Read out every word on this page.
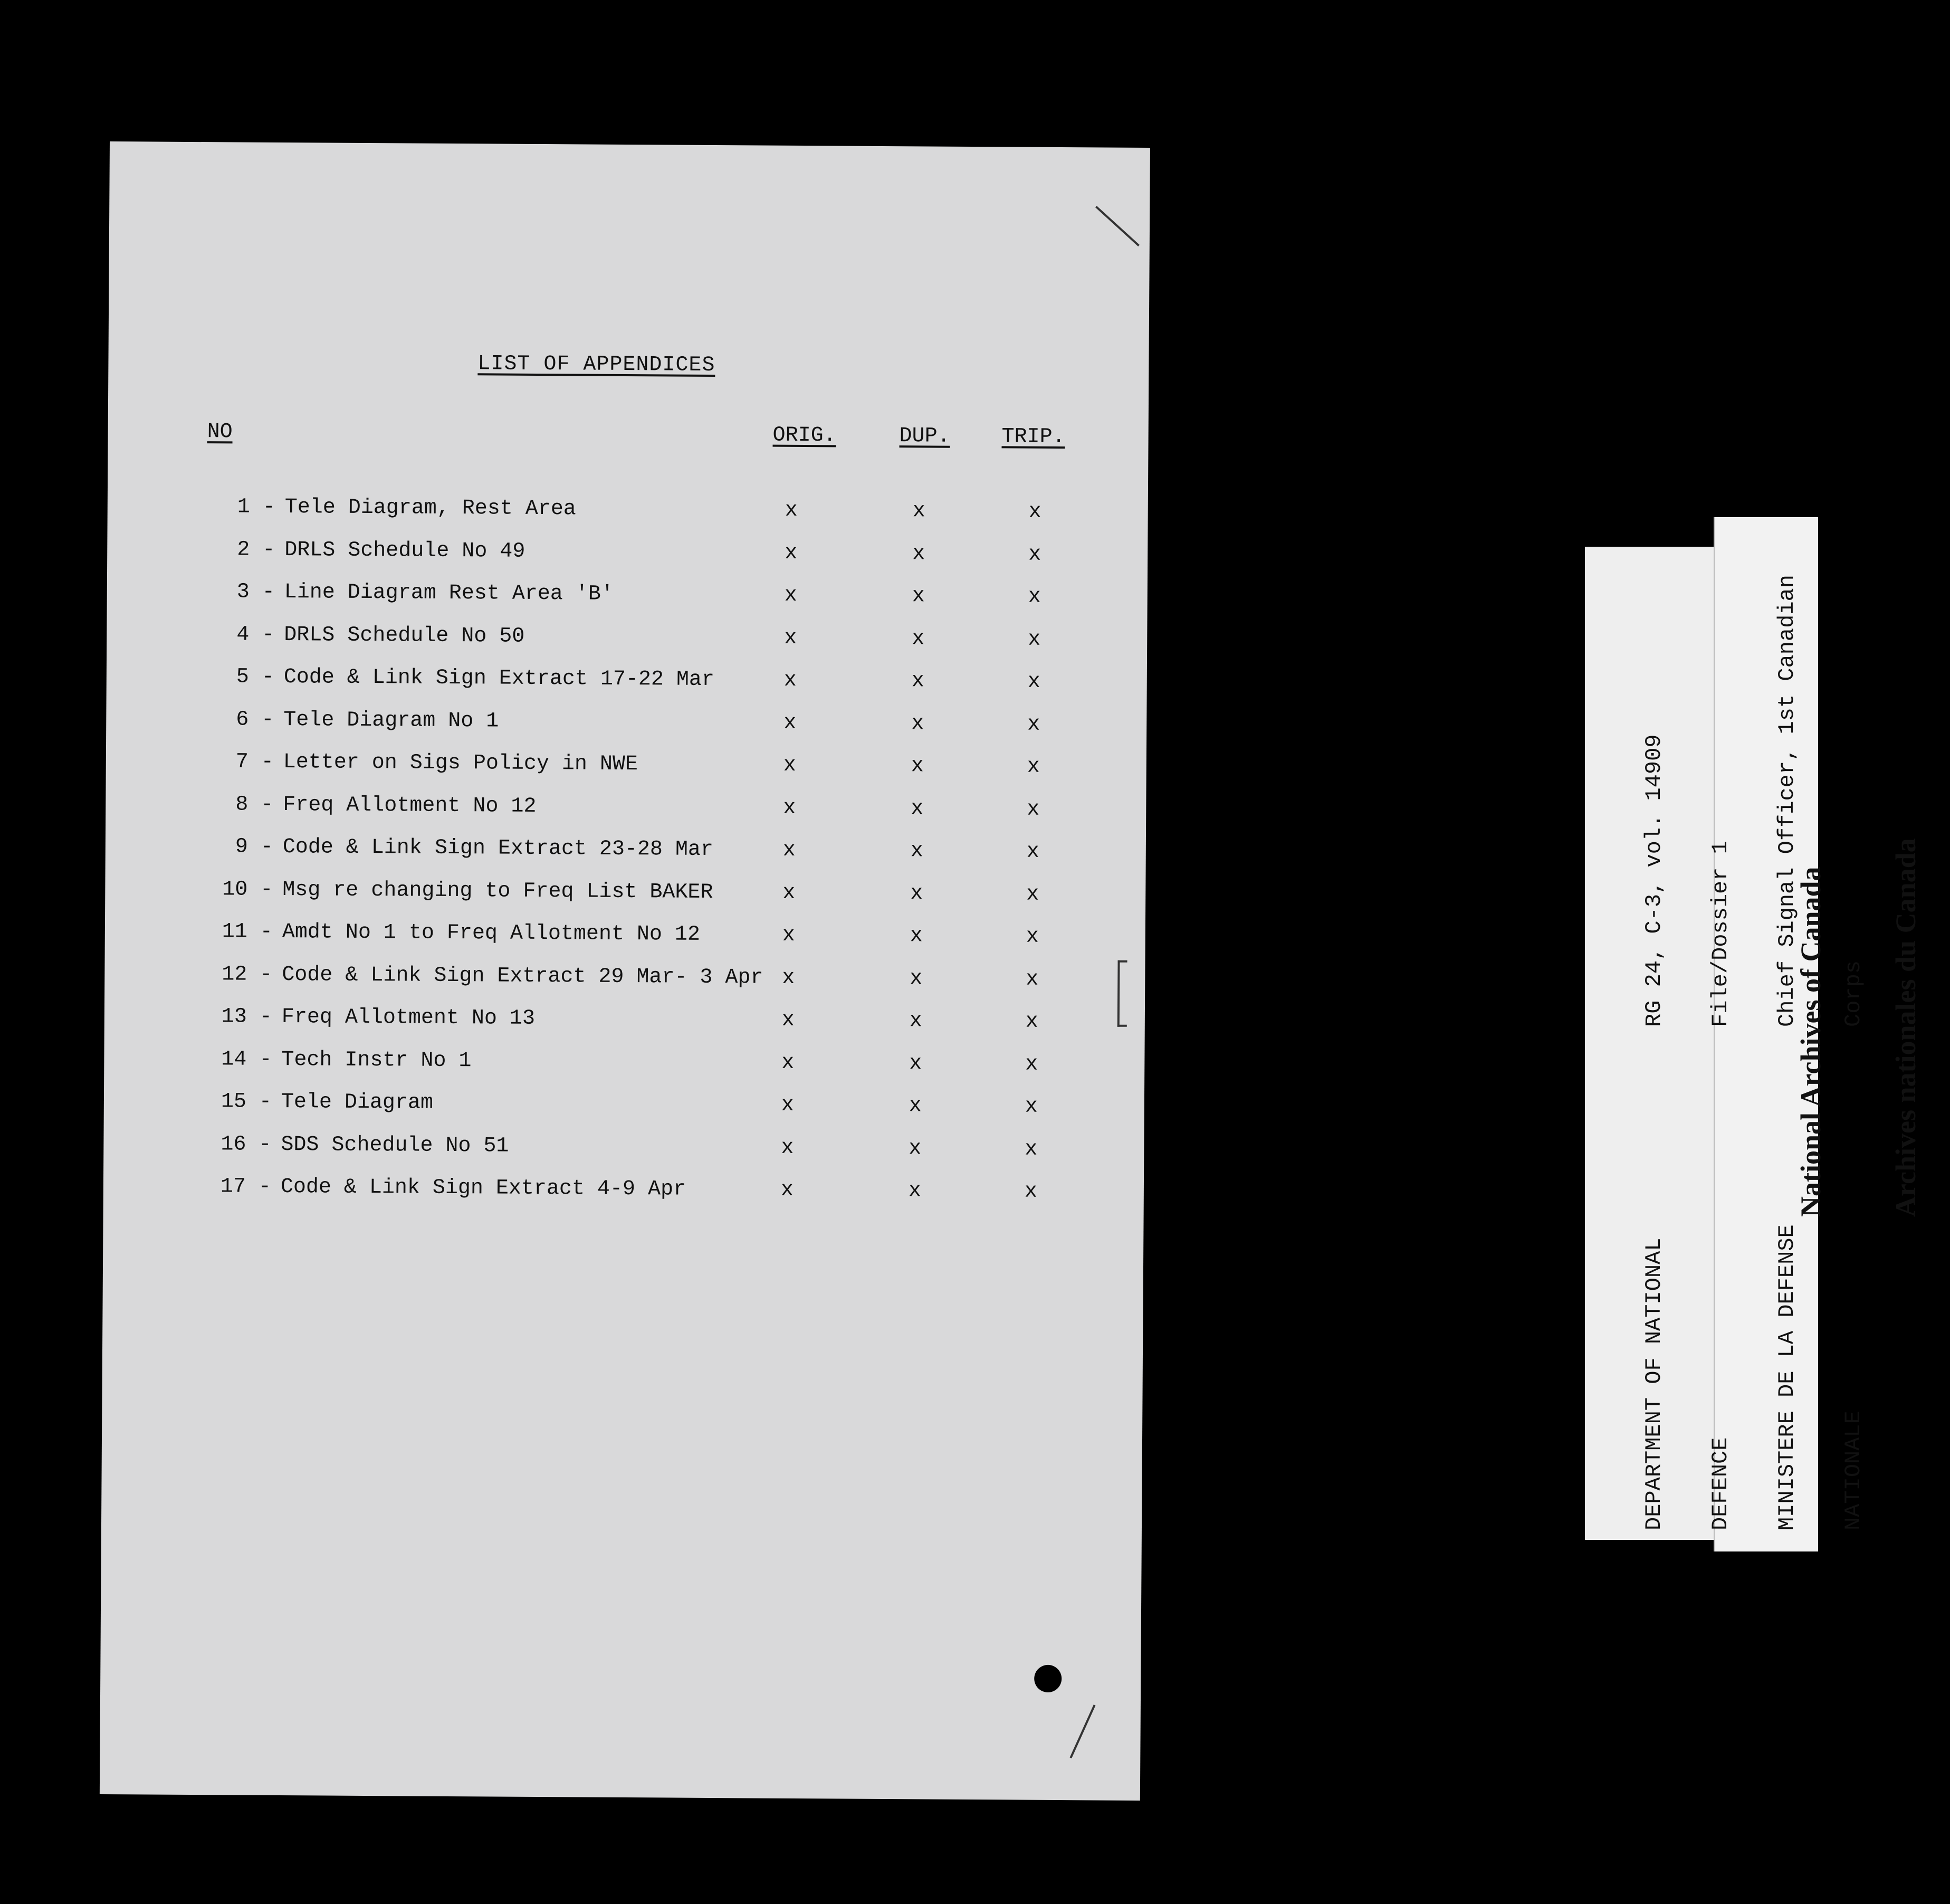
LIST OF APPENDICES
NO	ORIG.	DUP. TRIP.
1 - Tele Diagram, Rest Area	x	x	x
2 - DRLS Schedule No 49	x	x	x
3 - Line Diagram Rest Area 'B'	x	x	x
4 - DRLS Schedule No 50	x	x	x
5 - Code & Link Sign Extract 17-22 Mar	x	x	x
6 - Tele Diagram No 1	x	x	x
7 - Letter on Sigs Policy in NWE	x	x	x
8 - Freq Allotment No 12	x	x	x
9 - Code & Link Sign Extract 23-28 Mar	x	x	x
10 - Msg re changing to Freq List BAKER	x	x	x
11 - Amdt No 1 to Freq Allotment No 12	x	x	x
12 - Code & Link Sign Extract 29 Mar- 3 Apr x	x	x
13 - Freq Allotment No 13	x	x	x
14 - Tech Instr No 1	x	x	x
15 - Tele Diagram	x	x	x
16 - SDS Schedule No 51	x	x	x
17 - Code & Link Sign Extract 4-9 Apr	x	x	x

DEPARTMENT OF NATIONAL

DEFENCE

MINISTERE DE LA DEFENSE

NATIONALE

RG 24, C-3, vol. 14909

File/Dossier 1

Chief Signal Officer, 1st Canadian

Corps

National Archives of Canada

Archives nationales du Canada
